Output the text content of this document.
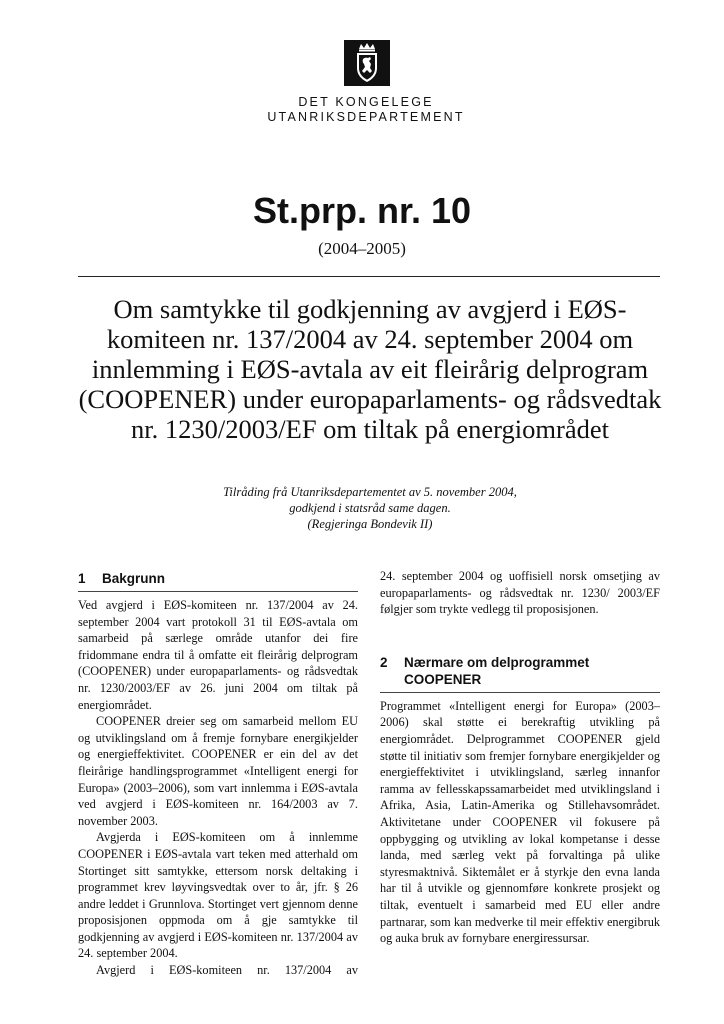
DET KONGELEGE
UTANRIKSDEPARTEMENT
St.prp. nr. 10
(2004–2005)
Om samtykke til godkjenning av avgjerd i EØS-komiteen nr. 137/2004 av 24. september 2004 om innlemming i EØS-avtala av eit fleirårig delprogram (COOPENER) under europaparlaments- og rådsvedtak nr. 1230/2003/EF om tiltak på energiområdet
Tilråding frå Utanriksdepartementet av 5. november 2004,
godkjend i statsråd same dagen.
(Regjeringa Bondevik II)
1	Bakgrunn

Ved avgjerd i EØS-komiteen nr. 137/2004 av 24. september 2004 vart protokoll 31 til EØS-avtala om samarbeid på særlege område utanfor dei fire fridommane endra til å omfatte eit fleirårig delprogram (COOPENER) under europaparlaments- og rådsvedtak nr. 1230/2003/EF av 26. juni 2004 om tiltak på energiområdet.

COOPENER dreier seg om samarbeid mellom EU og utviklingsland om å fremje fornybare energikjelder og energieffektivitet. COOPENER er ein del av det fleirårige handlingsprogrammet «Intelligent energi for Europa» (2003–2006), som vart innlemma i EØS-avtala ved avgjerd i EØS-komiteen nr. 164/2003 av 7. november 2003.

Avgjerda i EØS-komiteen om å innlemme COOPENER i EØS-avtala vart teken med atterhald om Stortinget sitt samtykke, ettersom norsk deltaking i programmet krev løyvingsvedtak over to år, jfr. § 26 andre leddet i Grunnlova. Stortinget vert gjennom denne proposisjonen oppmoda om å gje samtykke til godkjenning av avgjerd i EØS-komiteen nr. 137/2004 av 24. september 2004.

Avgjerd i EØS-komiteen nr. 137/2004 av

24. september 2004 og uoffisiell norsk omsetjing av europaparlaments- og rådsvedtak nr. 1230/ 2003/EF følgjer som trykte vedlegg til proposisjonen.

2	Nærmare om delprogrammet
COOPENER

Programmet «Intelligent energi for Europa» (2003–2006) skal støtte ei berekraftig utvikling på energiområdet. Delprogrammet COOPENER gjeld støtte til initiativ som fremjer fornybare energikjelder og energieffektivitet i utviklingsland, særleg innanfor ramma av fellesskapssamarbeidet med utviklingsland i Afrika, Asia, Latin-Amerika og Stillehavsområdet. Aktivitetane under COOPENER vil fokusere på oppbygging og utvikling av lokal kompetanse i desse landa, med særleg vekt på forvaltinga på ulike styresmaktnivå. Siktemålet er å styrkje den evna landa har til å utvikle og gjennomføre konkrete prosjekt og tiltak, eventuelt i samarbeid med EU eller andre partnarar, som kan medverke til meir effektiv energibruk og auka bruk av fornybare energiressursar.
